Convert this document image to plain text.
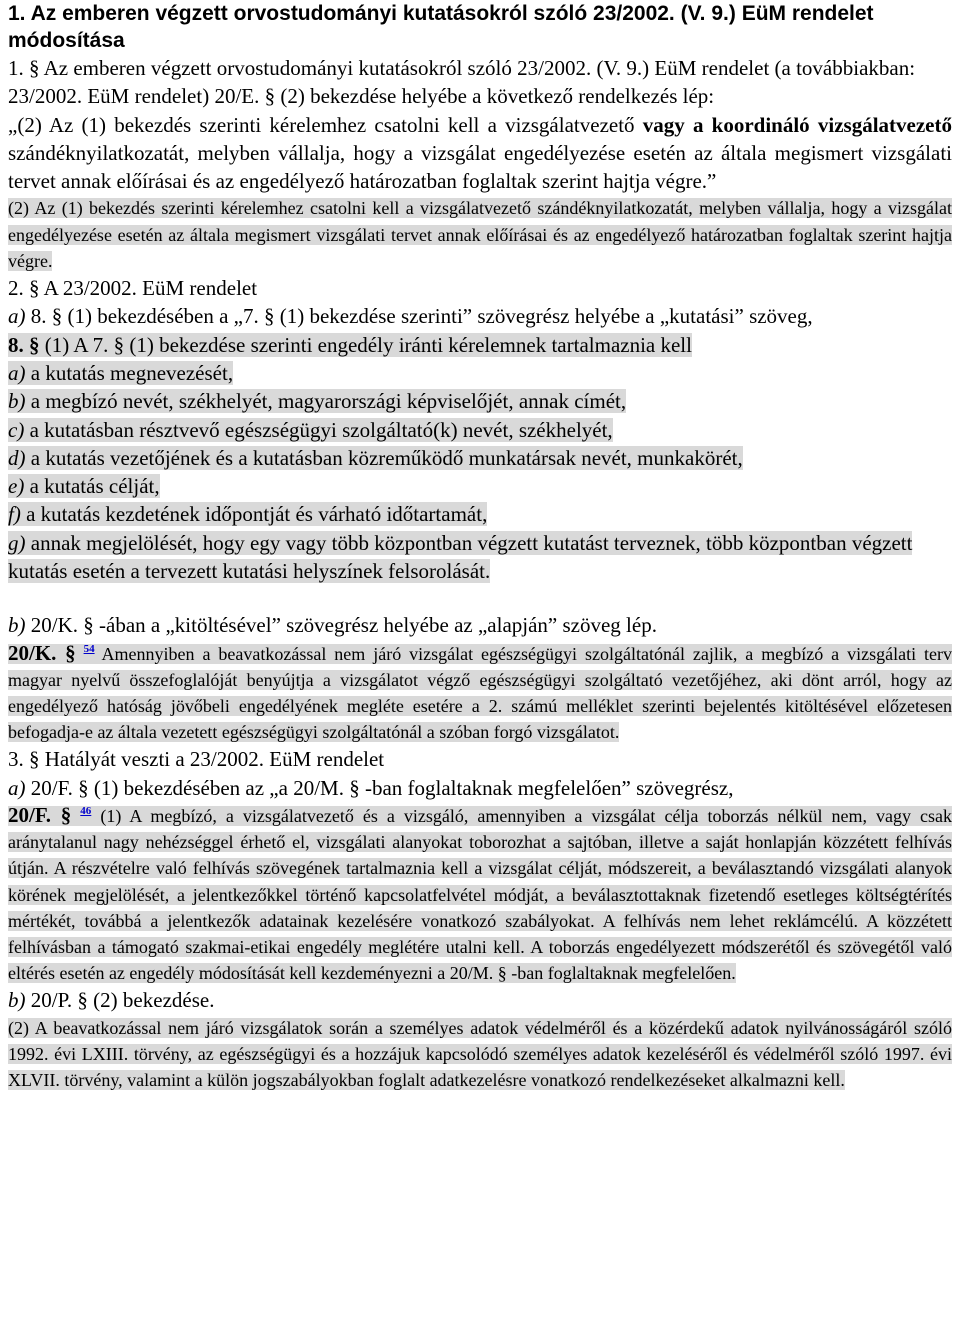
1. Az emberen végzett orvostudományi kutatásokról szóló 23/2002. (V. 9.) EüM rendelet módosítása

1. § Az emberen végzett orvostudományi kutatásokról szóló 23/2002. (V. 9.) EüM rendelet (a továbbiakban: 23/2002. EüM rendelet) 20/E. § (2) bekezdése helyébe a következő rendelkezés lép:

„(2) Az (1) bekezdés szerinti kérelemhez csatolni kell a vizsgálatvezető vagy a koordináló vizsgálatvezető szándéknyilatkozatát, melyben vállalja, hogy a vizsgálat engedélyezése esetén az általa megismert vizsgálati tervet annak előírásai és az engedélyező határozatban foglaltak szerint hajtja végre.”

(2) Az (1) bekezdés szerinti kérelemhez csatolni kell a vizsgálatvezető szándéknyilatkozatát, melyben vállalja, hogy a vizsgálat engedélyezése esetén az általa megismert vizsgálati tervet annak előírásai és az engedélyező határozatban foglaltak szerint hajtja végre.

2. § A 23/2002. EüM rendelet

a) 8. § (1) bekezdésében a „7. § (1) bekezdése szerinti” szövegrész helyébe a „kutatási” szöveg,

8. § (1) A 7. § (1) bekezdése szerinti engedély iránti kérelemnek tartalmaznia kell

a) a kutatás megnevezését,

b) a megbízó nevét, székhelyét, magyarországi képviselőjét, annak címét,

c) a kutatásban résztvevő egészségügyi szolgáltató(k) nevét, székhelyét,

d) a kutatás vezetőjének és a kutatásban közreműködő munkatársak nevét, munkakörét,

e) a kutatás célját,

f) a kutatás kezdetének időpontját és várható időtartamát,

g) annak megjelölését, hogy egy vagy több központban végzett kutatást terveznek, több központban végzett kutatás esetén a tervezett kutatási helyszínek felsorolását.

b) 20/K. § -ában a „kitöltésével” szövegrész helyébe az „alapján” szöveg lép.

20/K. § $^{54}$ Amennyiben a beavatkozással nem járó vizsgálat egészségügyi szolgáltatónál zajlik, a megbízó a vizsgálati terv magyar nyelvű összefoglalóját benyújtja a vizsgálatot végző egészségügyi szolgáltató vezetőjéhez, aki dönt arról, hogy az engedélyező hatóság jövőbeli engedélyének megléte esetére a 2. számú melléklet szerinti bejelentés kitöltésével előzetesen befogadja-e az általa vezetett egészségügyi szolgáltatónál a szóban forgó vizsgálatot.

3. § Hatályát veszti a 23/2002. EüM rendelet

a) 20/F. § (1) bekezdésében az „a 20/M. § -ban foglaltaknak megfelelően” szövegrész,

20/F. § $^{46}$ (1) A megbízó, a vizsgálatvezető és a vizsgáló, amennyiben a vizsgálat célja toborzás nélkül nem, vagy csak aránytalanul nagy nehézséggel érhető el, vizsgálati alanyokat toborozhat a sajtóban, illetve a saját honlapján közzétett felhívás útján. A részvételre való felhívás szövegének tartalmaznia kell a vizsgálat célját, módszereit, a beválasztandó vizsgálati alanyok körének megjelölését, a jelentkezőkkel történő kapcsolatfelvétel módját, a beválasztottaknak fizetendő esetleges költségtérítés mértékét, továbbá a jelentkezők adatainak kezelésére vonatkozó szabályokat. A felhívás nem lehet reklámcélú. A közzétett felhívásban a támogató szakmai-etikai engedély meglétére utalni kell. A toborzás engedélyezett módszerétől és szövegétől való eltérés esetén az engedély módosítását kell kezdeményezni a 20/M. § -ban foglaltaknak megfelelően.

b) 20/P. § (2) bekezdése.

(2) A beavatkozással nem járó vizsgálatok során a személyes adatok védelméről és a közérdekű adatok nyilvánosságáról szóló 1992. évi LXIII. törvény, az egészségügyi és a hozzájuk kapcsolódó személyes adatok kezeléséről és védelméről szóló 1997. évi XLVII. törvény, valamint a külön jogszabályokban foglalt adatkezelésre vonatkozó rendelkezéseket alkalmazni kell.
